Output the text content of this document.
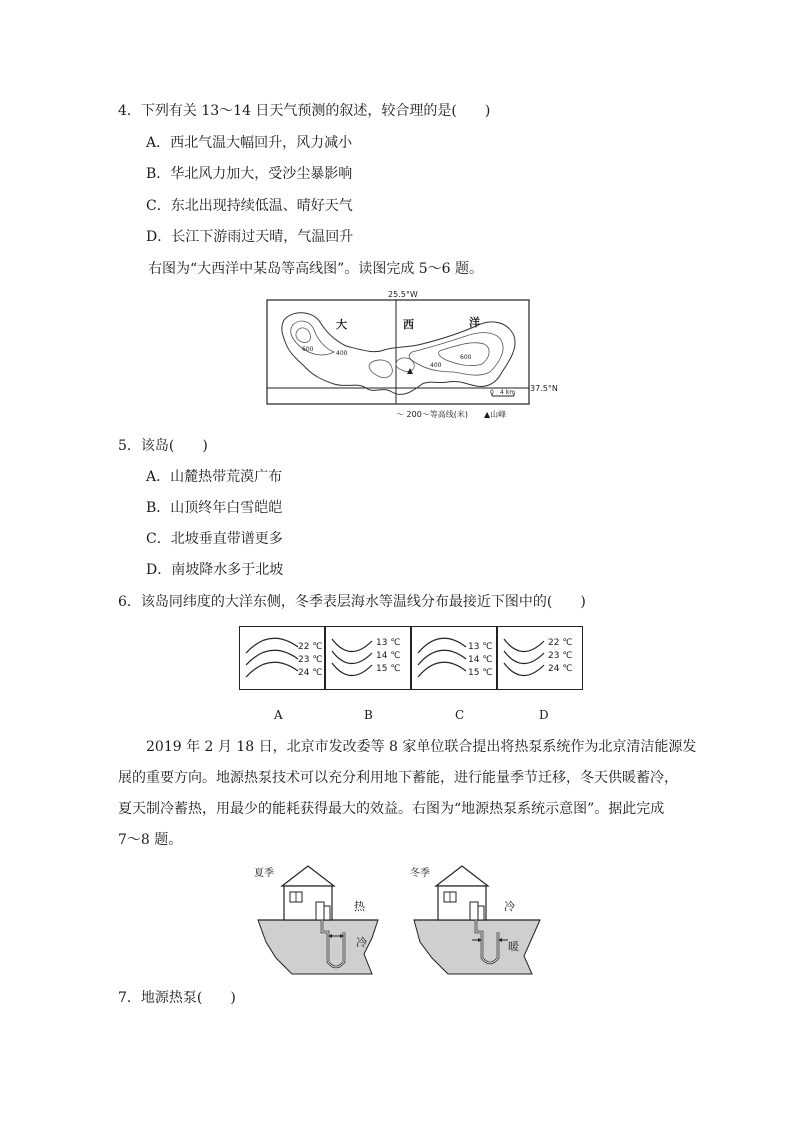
4．下列有关 13～14 日天气预测的叙述，较合理的是(　　)
A．西北气温大幅回升，风力减小
B．华北风力加大，受沙尘暴影响
C．东北出现持续低温、晴好天气
D．长江下游雨过天晴，气温回升
右图为“大西洋中某岛等高线图”。读图完成 5～6 题。
25.5°W
37.5°N
大	西	洋
600
400
600
400
0 4 km
～ 200～等高线(米) ▲山峰
5．该岛(　　)
A．山麓热带荒漠广布
B．山顶终年白雪皑皑
C．北坡垂直带谱更多
D．南坡降水多于北坡
6．该岛同纬度的大洋东侧，冬季表层海水等温线分布最接近下图中的(　　)
22 ℃
23 ℃
24 ℃
13 ℃
14 ℃
15 ℃
13 ℃
14 ℃
15 ℃
22 ℃
23 ℃
24 ℃
A	B	C	D
2019 年 2 月 18 日，北京市发改委等 8 家单位联合提出将热泵系统作为北京清洁能源发
展的重要方向。地源热泵技术可以充分利用地下蓄能，进行能量季节迁移，冬天供暖蓄冷，
夏天制冷蓄热，用最少的能耗获得最大的效益。右图为“地源热泵系统示意图”。据此完成
7～8 题。
夏季
热
冷
冬季
冷
暖
7．地源热泵(　　)
